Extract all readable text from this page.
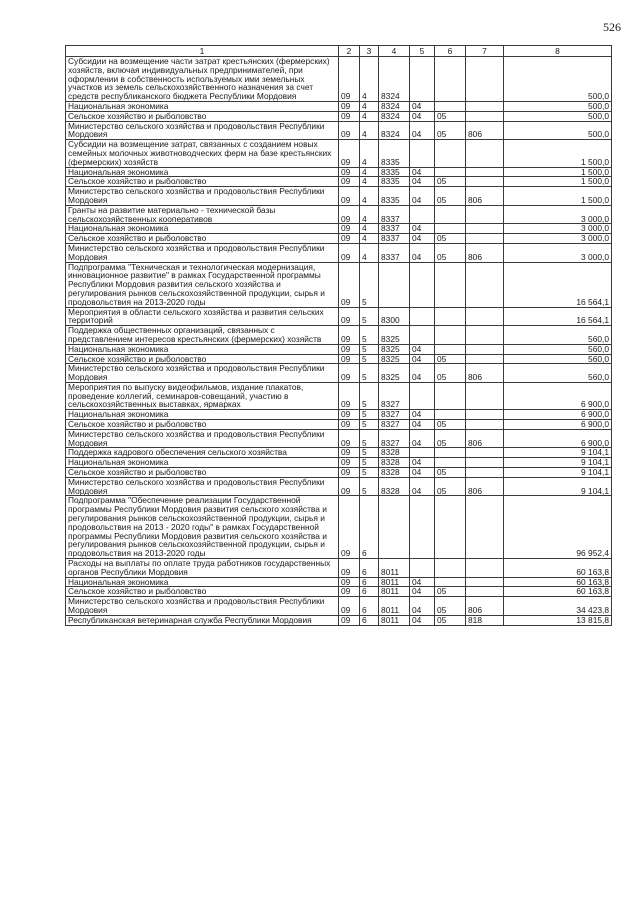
526
1	2	3	4	5	6	7	8
Субсидии на возмещение части затрат крестьянских (фермерских) хозяйств, включая индивидуальных предпринимателей, при оформлении в собственность используемых ими земельных участков из земель сельскохозяйственного назначения за счет средств республиканского бюджета Республики Мордовия	09	4	8324				500,0
Национальная экономика	09	4	8324	04			500,0
Сельское хозяйство и рыболовство	09	4	8324	04	05		500,0
Министерство сельского хозяйства и продовольствия Республики Мордовия	09	4	8324	04	05	806	500,0
Субсидии на возмещение затрат, связанных с созданием новых семейных молочных животноводческих ферм на базе крестьянских (фермерских) хозяйств	09	4	8335				1 500,0
Национальная экономика	09	4	8335	04			1 500,0
Сельское хозяйство и рыболовство	09	4	8335	04	05		1 500,0
Министерство сельского хозяйства и продовольствия Республики Мордовия	09	4	8335	04	05	806	1 500,0
Гранты на развитие материально - технической базы сельскохозяйственных кооперативов	09	4	8337				3 000,0
Национальная экономика	09	4	8337	04			3 000,0
Сельское хозяйство и рыболовство	09	4	8337	04	05		3 000,0
Министерство сельского хозяйства и продовольствия Республики Мордовия	09	4	8337	04	05	806	3 000,0
Подпрограмма "Техническая и технологическая модернизация, инновационное развитие" в рамках Государственной программы Республики Мордовия развития сельского хозяйства и регулирования рынков сельскохозяйственной продукции, сырья и продовольствия на 2013-2020 годы	09	5					16 564,1
Мероприятия в области сельского хозяйства и развития сельских территорий	09	5	8300				16 564,1
Поддержка общественных организаций, связанных с представлением интересов крестьянских (фермерских) хозяйств	09	5	8325				560,0
Национальная экономика	09	5	8325	04			560,0
Сельское хозяйство и рыболовство	09	5	8325	04	05		560,0
Министерство сельского хозяйства и продовольствия Республики Мордовия	09	5	8325	04	05	806	560,0
Мероприятия по выпуску видеофильмов, издание плакатов, проведение коллегий, семинаров-совещаний, участию в сельскохозяйственных выставках, ярмарках	09	5	8327				6 900,0
Национальная экономика	09	5	8327	04			6 900,0
Сельское хозяйство и рыболовство	09	5	8327	04	05		6 900,0
Министерство сельского хозяйства и продовольствия Республики Мордовия	09	5	8327	04	05	806	6 900,0
Поддержка кадрового обеспечения сельского хозяйства	09	5	8328				9 104,1
Национальная экономика	09	5	8328	04			9 104,1
Сельское хозяйство и рыболовство	09	5	8328	04	05		9 104,1
Министерство сельского хозяйства и продовольствия Республики Мордовия	09	5	8328	04	05	806	9 104,1
Подпрограмма "Обеспечение реализации Государственной программы Республики Мордовия развития сельского хозяйства и регулирования рынков сельскохозяйственной продукции, сырья и продовольствия на 2013 - 2020 годы" в рамках Государственной программы Республики Мордовия развития сельского хозяйства и регулирования рынков сельскохозяйственной продукции, сырья и продовольствия на 2013-2020 годы	09	6					96 952,4
Расходы на выплаты по оплате труда работников государственных органов Республики Мордовия	09	6	8011				60 163,8
Национальная экономика	09	6	8011	04			60 163,8
Сельское хозяйство и рыболовство	09	6	8011	04	05		60 163,8
Министерство сельского хозяйства и продовольствия Республики Мордовия	09	6	8011	04	05	806	34 423,8
Республиканская ветеринарная служба Республики Мордовия	09	6	8011	04	05	818	13 815,8
